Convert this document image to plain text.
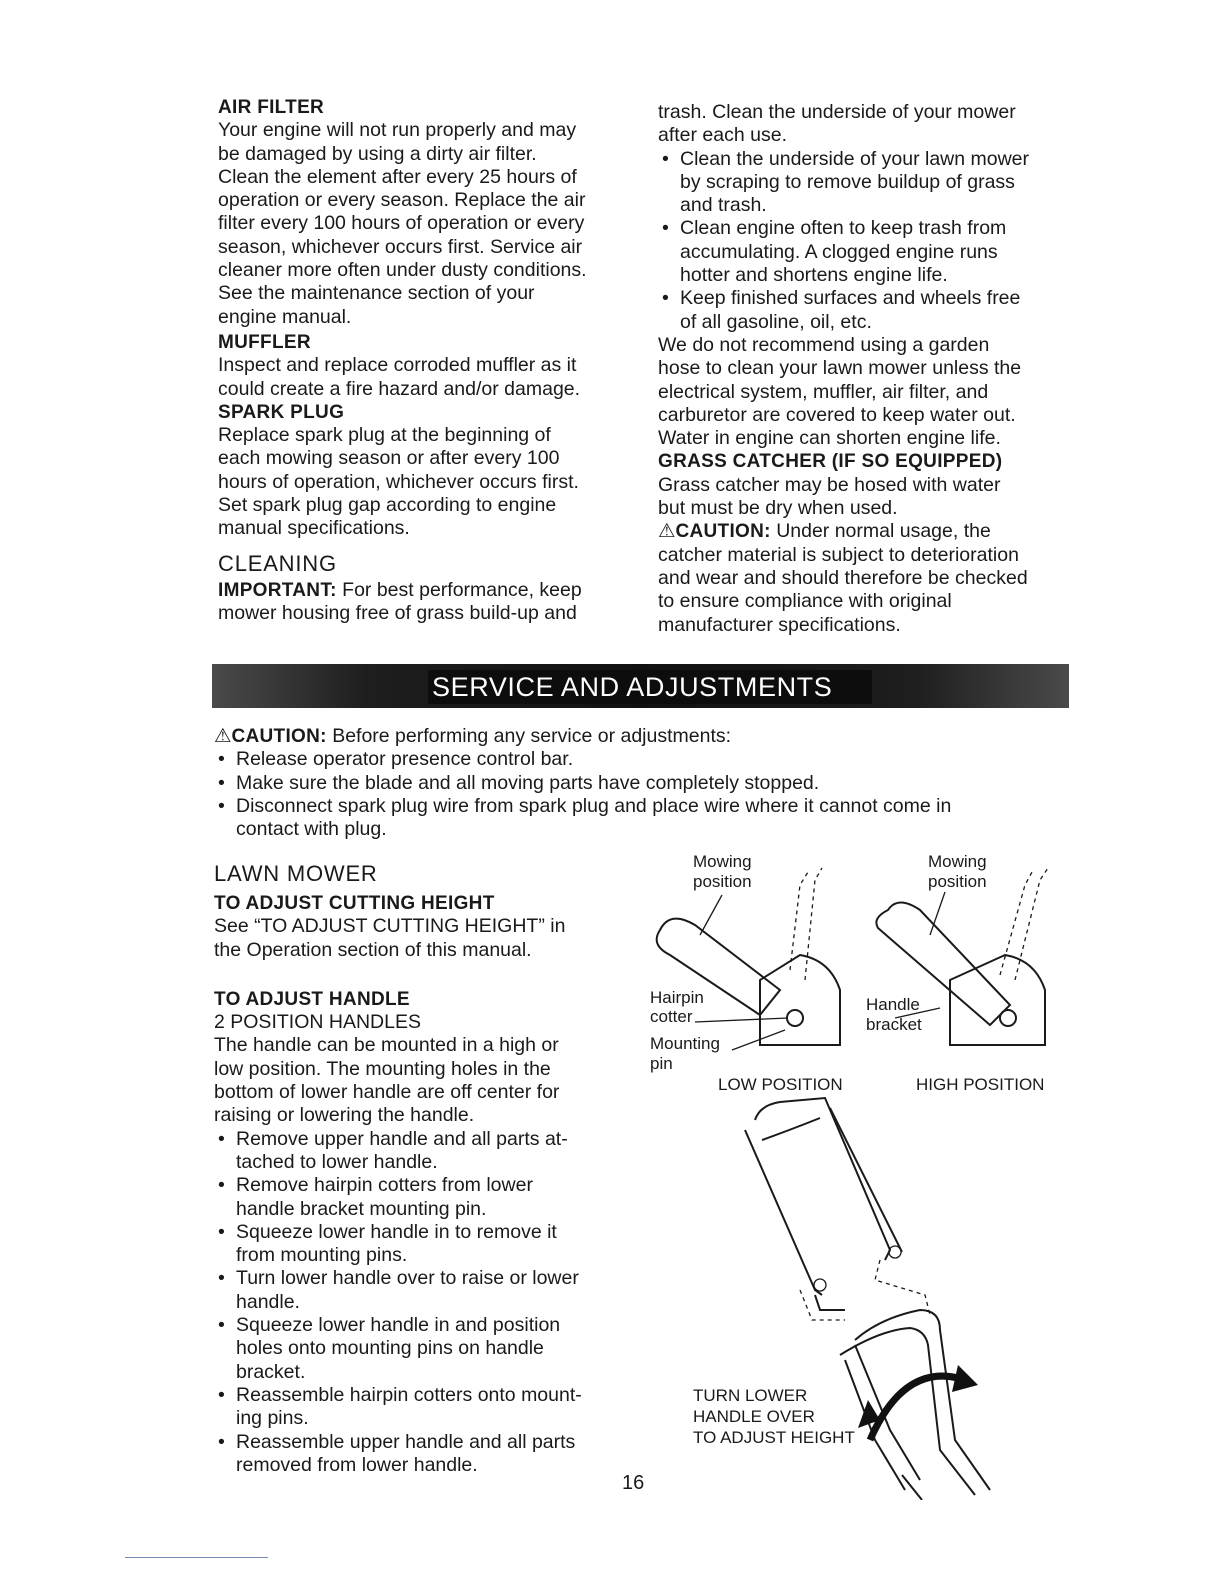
AIR FILTER

Your engine will not run properly and may

be damaged by using a dirty air filter.

Clean the element after every 25 hours of

operation or every season. Replace the air

filter every 100 hours of operation or every

season, whichever occurs first. Service air

cleaner more often under dusty conditions.

See the maintenance section of your

engine manual.

MUFFLER

Inspect and replace corroded muffler as it

could create a fire hazard and/or damage.

SPARK PLUG

Replace spark plug at the beginning of

each mowing season or after every 100

hours of operation, whichever occurs first.

Set spark plug gap according to engine

manual specifications.

CLEANING

IMPORTANT: For best performance, keep

mower housing free of grass build-up and

trash. Clean the underside of your mower

after each use.

• Clean the underside of your lawn mower

by scraping to remove buildup of grass

and trash.

• Clean engine often to keep trash from

accumulating. A clogged engine runs

hotter and shortens engine life.

• Keep finished surfaces and wheels free

of all gasoline, oil, etc.

We do not recommend using a garden

hose to clean your lawn mower unless the

electrical system, muffler, air filter, and

carburetor are covered to keep water out.

Water in engine can shorten engine life.

GRASS CATCHER (IF SO EQUIPPED)

Grass catcher may be hosed with water

but must be dry when used.

⚠CAUTION: Under normal usage, the

catcher material is subject to deterioration

and wear and should therefore be checked

to ensure compliance with original

manufacturer specifications.

SERVICE AND ADJUSTMENTS

⚠CAUTION: Before performing any service or adjustments:

• Release operator presence control bar.

• Make sure the blade and all moving parts have completely stopped.

• Disconnect spark plug wire from spark plug and place wire where it cannot come in

contact with plug.

LAWN MOWER

TO ADJUST CUTTING HEIGHT

See “TO ADJUST CUTTING HEIGHT” in

the Operation section of this manual.

TO ADJUST HANDLE

2 POSITION HANDLES

The handle can be mounted in a high or

low position. The mounting holes in the

bottom of lower handle are off center for

raising or lowering the handle.

• Remove upper handle and all parts at-

tached to lower handle.

• Remove hairpin cotters from lower

handle bracket mounting pin.

• Squeeze lower handle in to remove it

from mounting pins.

• Turn lower handle over to raise or lower

handle.

• Squeeze lower handle in and position

holes onto mounting pins on handle

bracket.

• Reassemble hairpin cotters onto mount-

ing pins.

• Reassemble upper handle and all parts

removed from lower handle.

Mowing
position
Mowing
position
Hairpin
cotter
Mounting
pin
Handle
bracket
LOW POSITION	HIGH POSITION
TURN LOWER
HANDLE OVER
TO ADJUST HEIGHT
16
